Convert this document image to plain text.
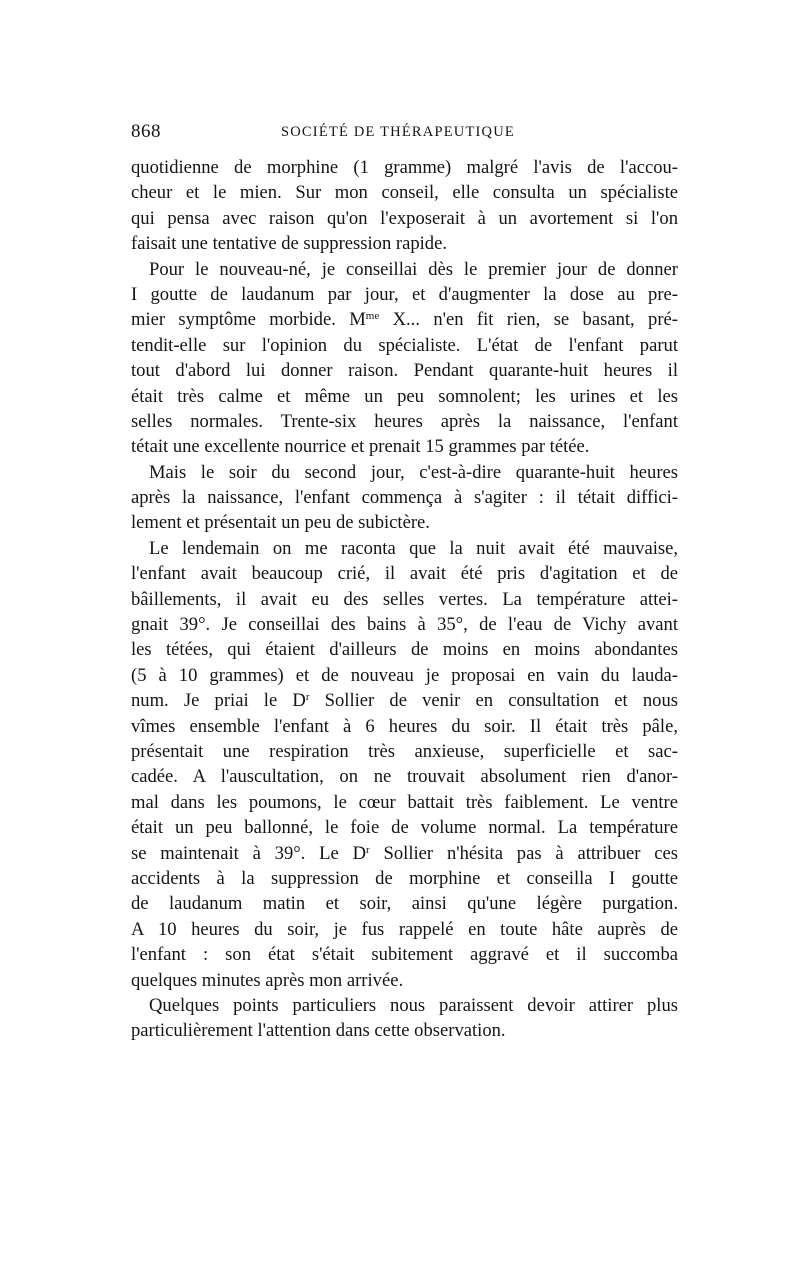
868	SOCIÉTÉ DE THÉRAPEUTIQUE
quotidienne de morphine (1 gramme) malgré l'avis de l'accou-
cheur et le mien. Sur mon conseil, elle consulta un spécialiste
qui pensa avec raison qu'on l'exposerait à un avortement si l'on
faisait une tentative de suppression rapide.
Pour le nouveau-né, je conseillai dès le premier jour de donner
I goutte de laudanum par jour, et d'augmenter la dose au pre-
mier symptôme morbide. $M^{me}$ X... n'en fit rien, se basant, pré-
tendit-elle sur l'opinion du spécialiste. L'état de l'enfant parut
tout d'abord lui donner raison. Pendant quarante-huit heures il
était très calme et même un peu somnolent; les urines et les
selles normales. Trente-six heures après la naissance, l'enfant
tétait une excellente nourrice et prenait 15 grammes par tétée.
Mais le soir du second jour, c'est-à-dire quarante-huit heures
après la naissance, l'enfant commença à s'agiter : il tétait diffici-
lement et présentait un peu de subictère.
Le lendemain on me raconta que la nuit avait été mauvaise,
l'enfant avait beaucoup crié, il avait été pris d'agitation et de
bâillements, il avait eu des selles vertes. La température attei-
gnait 39°. Je conseillai des bains à 35°, de l'eau de Vichy avant
les tétées, qui étaient d'ailleurs de moins en moins abondantes
(5 à 10 grammes) et de nouveau je proposai en vain du lauda-
num. Je priai le $D^r$ Sollier de venir en consultation et nous
vîmes ensemble l'enfant à 6 heures du soir. Il était très pâle,
présentait une respiration très anxieuse, superficielle et sac-
cadée. A l'auscultation, on ne trouvait absolument rien d'anor-
mal dans les poumons, le cœur battait très faiblement. Le ventre
était un peu ballonné, le foie de volume normal. La température
se maintenait à 39°. Le $D^r$ Sollier n'hésita pas à attribuer ces
accidents à la suppression de morphine et conseilla I goutte
de laudanum matin et soir, ainsi qu'une légère purgation.
A 10 heures du soir, je fus rappelé en toute hâte auprès de
l'enfant : son état s'était subitement aggravé et il succomba
quelques minutes après mon arrivée.
Quelques points particuliers nous paraissent devoir attirer plus
particulièrement l'attention dans cette observation.
